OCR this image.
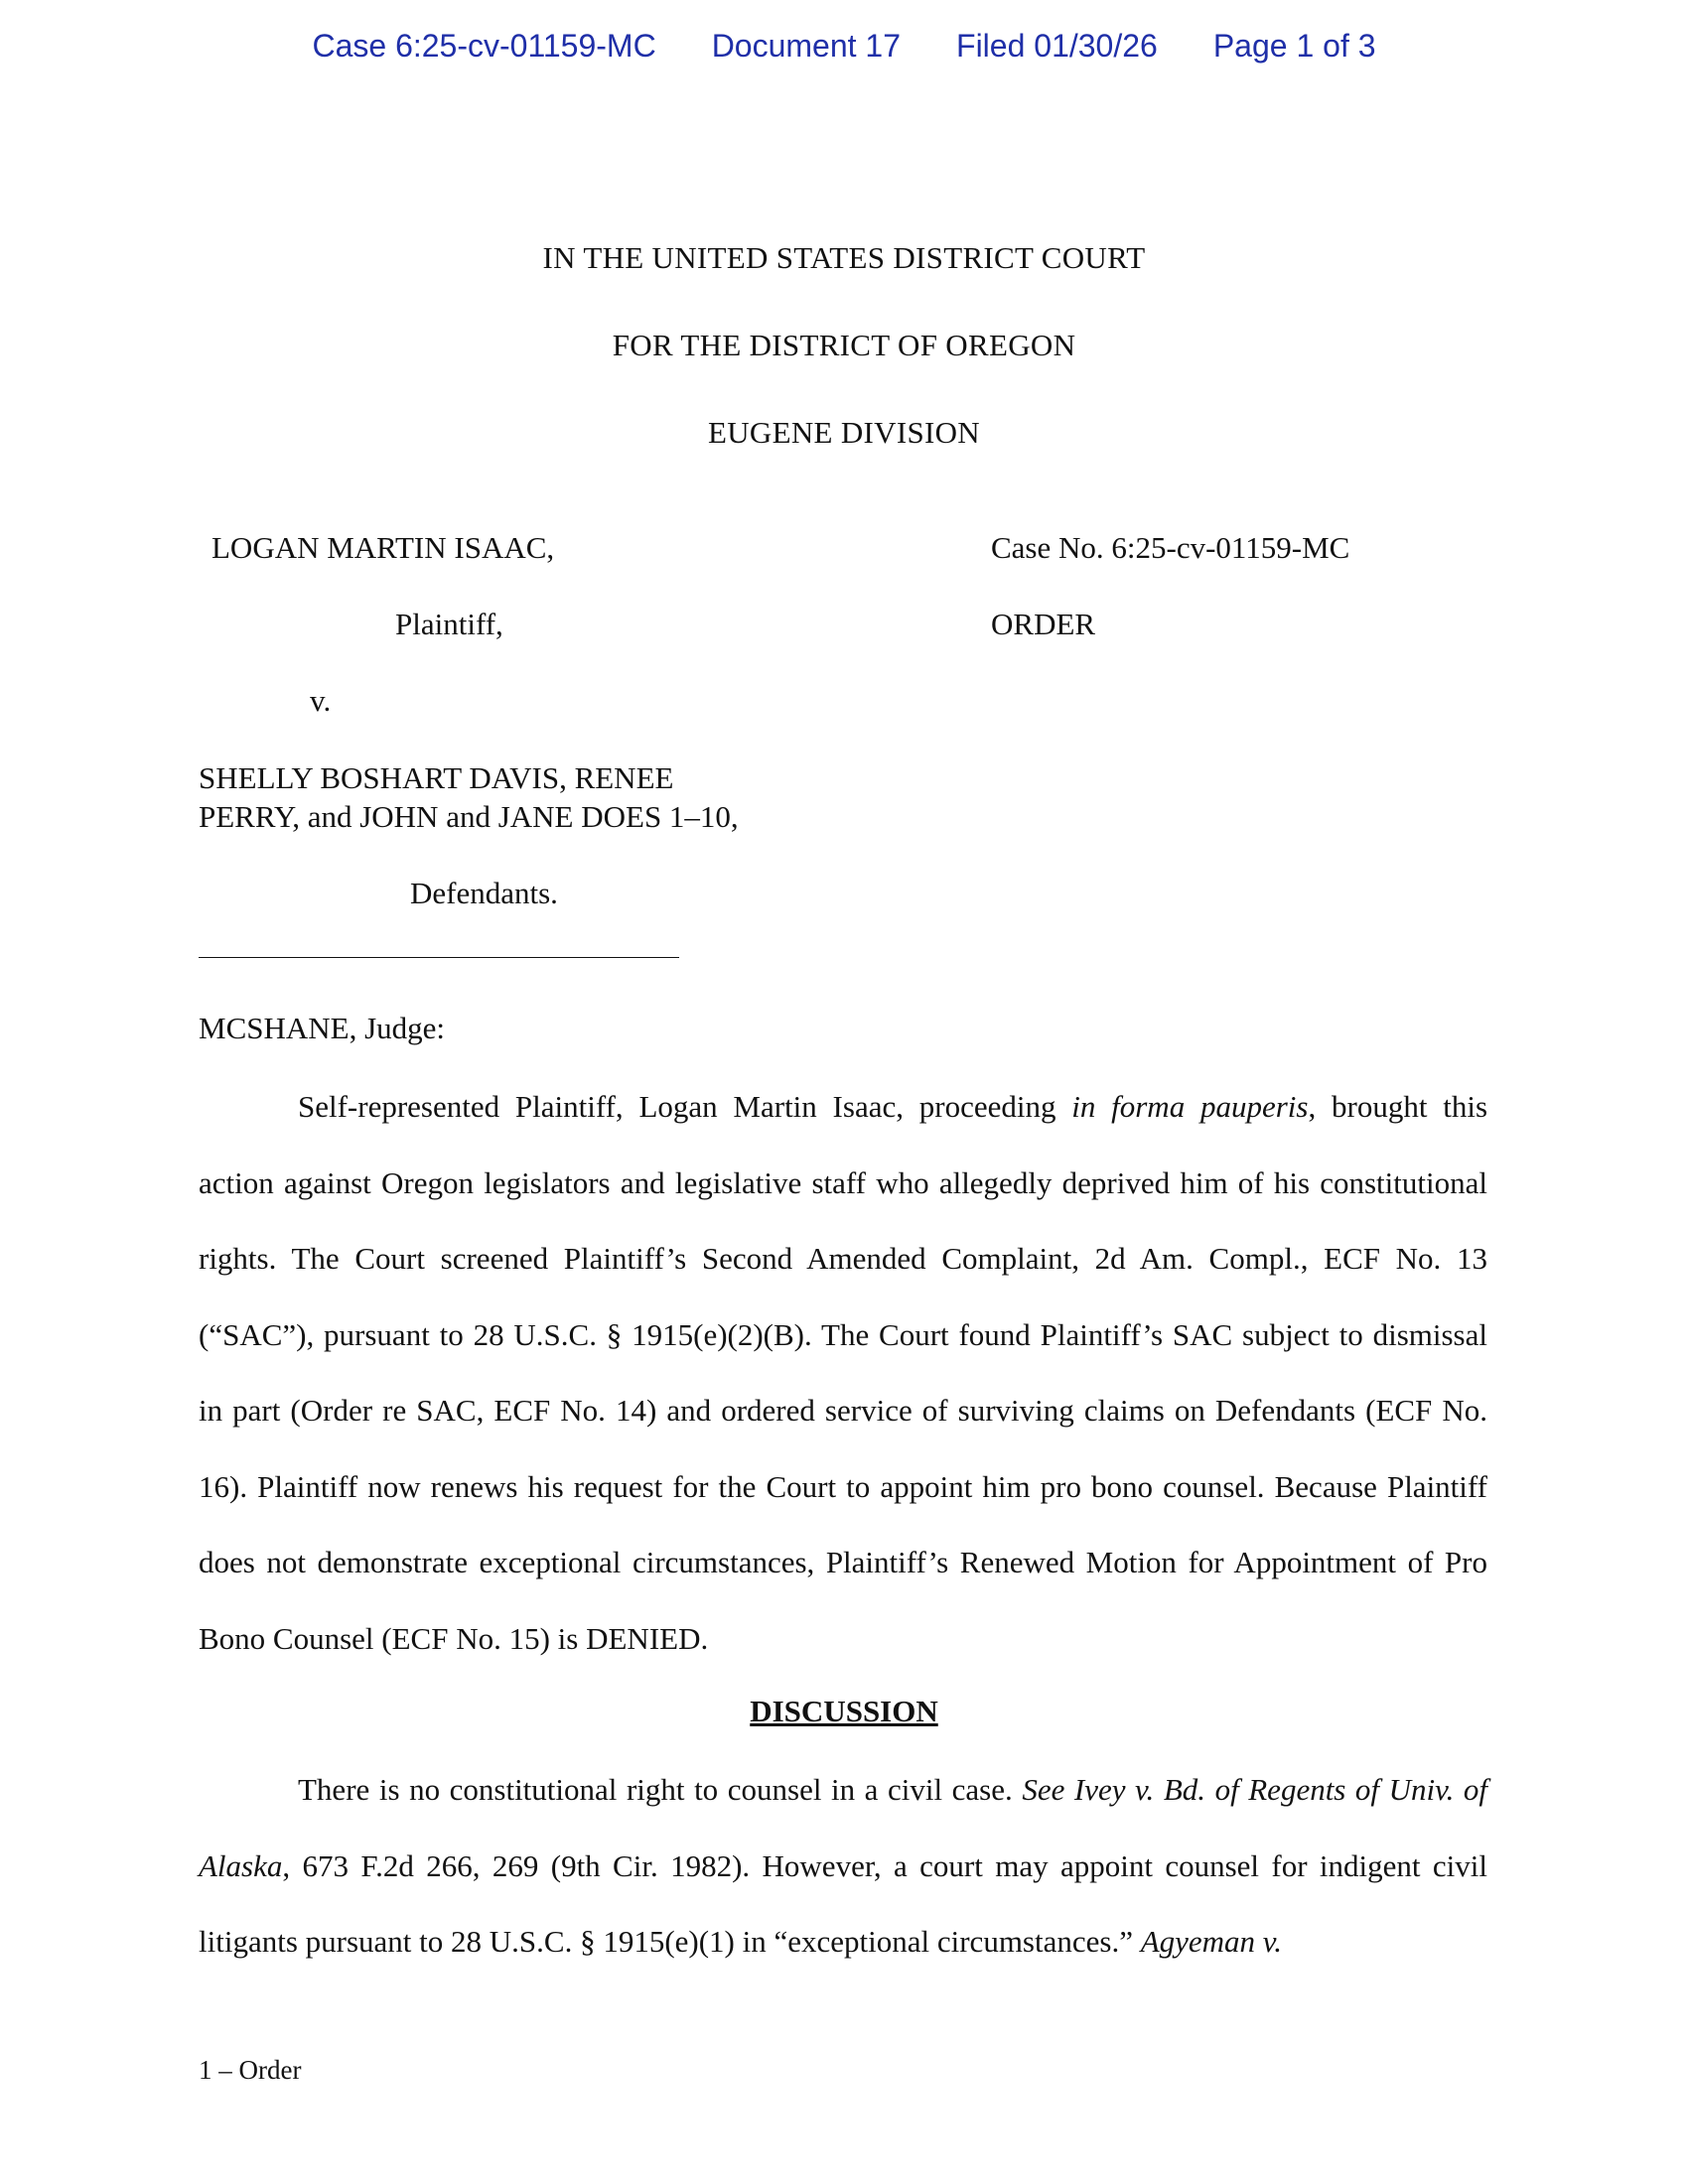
Case 6:25-cv-01159-MC Document 17 Filed 01/30/26 Page 1 of 3
IN THE UNITED STATES DISTRICT COURT
FOR THE DISTRICT OF OREGON
EUGENE DIVISION
LOGAN MARTIN ISAAC,
Plaintiff,
v.
SHELLY BOSHART DAVIS, RENEE
PERRY, and JOHN and JANE DOES 1–10,
Defendants.
Case No. 6:25-cv-01159-MC
ORDER
MCSHANE, Judge:

Self-represented Plaintiff, Logan Martin Isaac, proceeding in forma pauperis, brought this action against Oregon legislators and legislative staff who allegedly deprived him of his constitutional rights. The Court screened Plaintiff’s Second Amended Complaint, 2d Am. Compl., ECF No. 13 (“SAC”), pursuant to 28 U.S.C. § 1915(e)(2)(B). The Court found Plaintiff’s SAC subject to dismissal in part (Order re SAC, ECF No. 14) and ordered service of surviving claims on Defendants (ECF No. 16). Plaintiff now renews his request for the Court to appoint him pro bono counsel. Because Plaintiff does not demonstrate exceptional circumstances, Plaintiff’s Renewed Motion for Appointment of Pro Bono Counsel (ECF No. 15) is DENIED.

DISCUSSION

There is no constitutional right to counsel in a civil case. See Ivey v. Bd. of Regents of Univ. of Alaska, 673 F.2d 266, 269 (9th Cir. 1982). However, a court may appoint counsel for indigent civil litigants pursuant to 28 U.S.C. § 1915(e)(1) in “exceptional circumstances.” Agyeman v.

1 – Order
